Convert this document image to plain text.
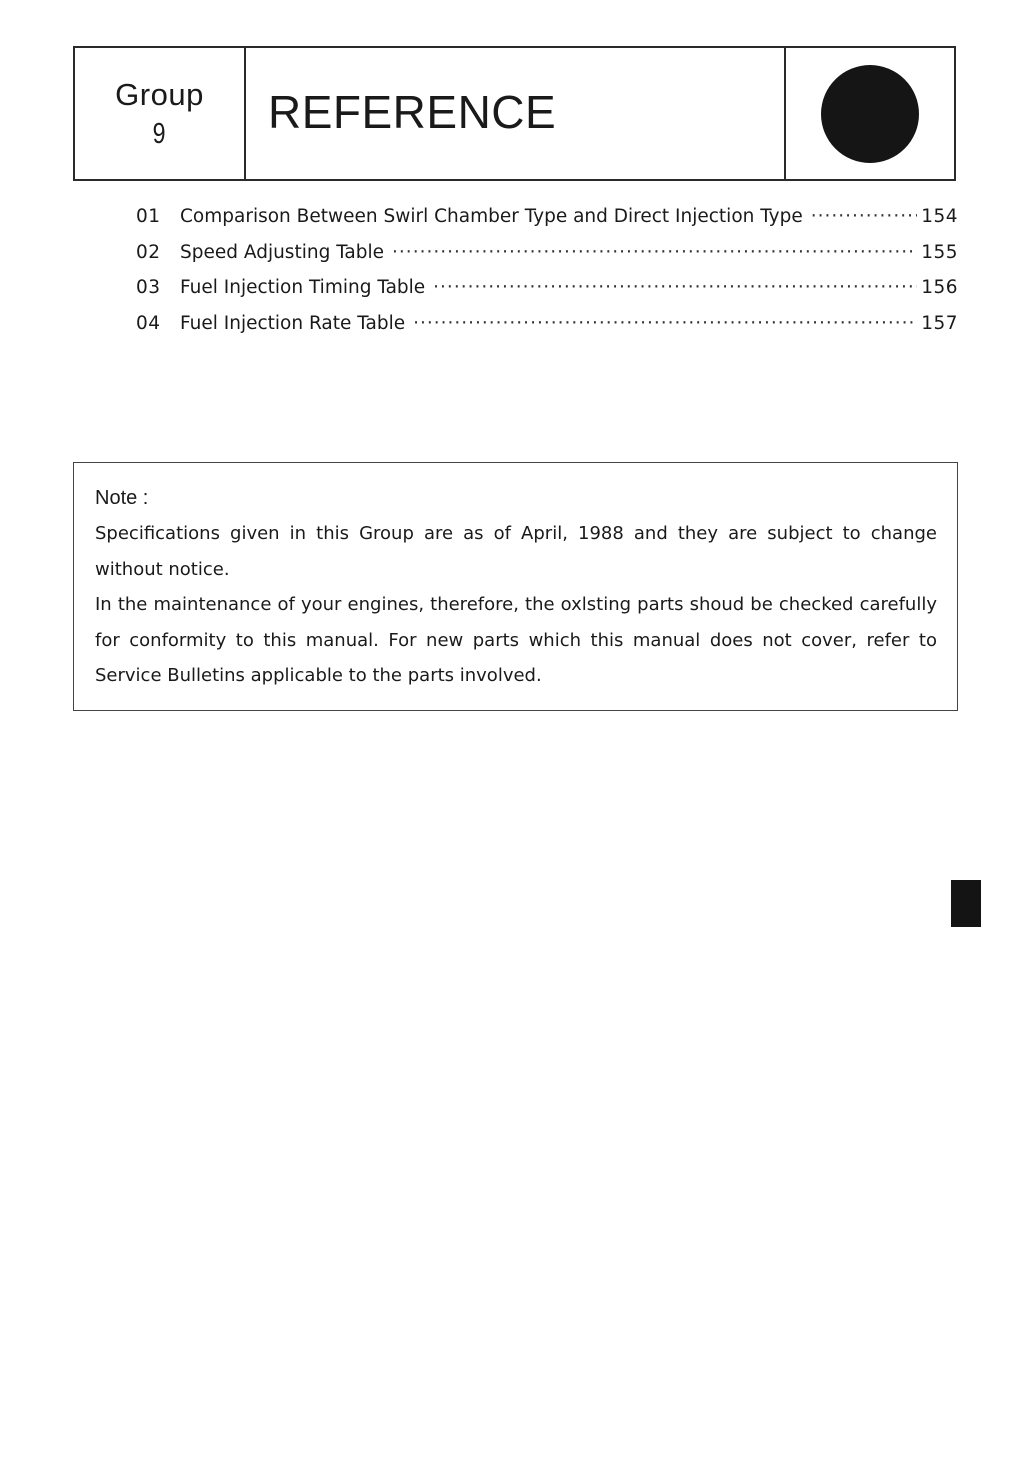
Group
9 REFERENCE
01	Comparison Between Swirl Chamber Type and Direct Injection Type ·····	154
02	Speed Adjusting Table ·····	155
03	Fuel Injection Timing Table ·····	156
04	Fuel Injection Rate Table ·····	157
Note :

Specifications given in this Group are as of April, 1988 and they are subject to change without notice.

In the maintenance of your engines, therefore, the oxlsting parts shoud be checked carefully for conformity to this manual. For new parts which this manual does not cover, refer to Service Bulletins applicable to the parts involved.
